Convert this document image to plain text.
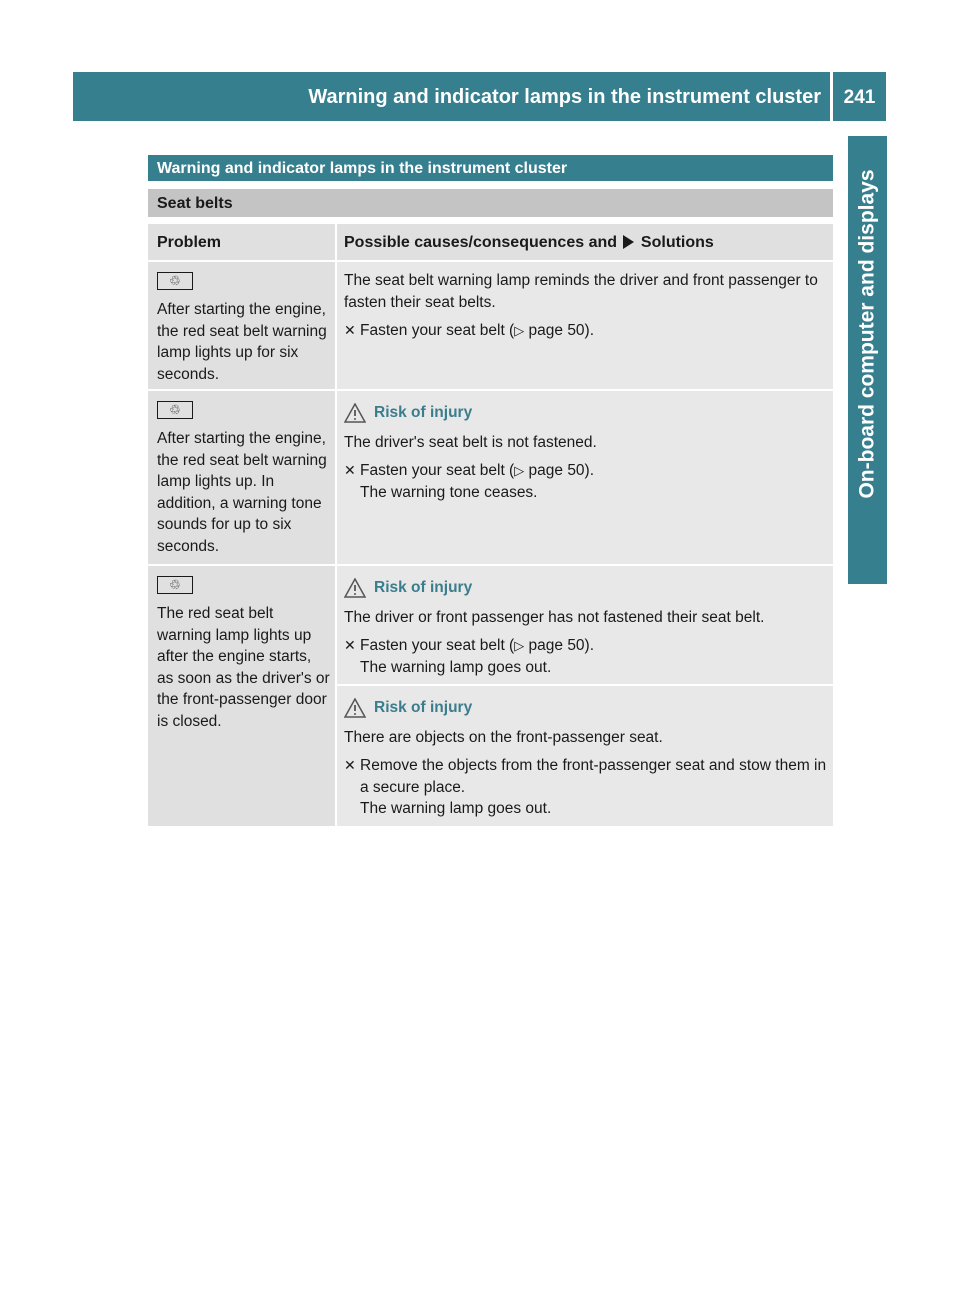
Warning and indicator lamps in the instrument cluster	241
On-board computer and displays
Warning and indicator lamps in the instrument cluster
Seat belts
Problem	Possible causes/consequences and Solutions
♲
After starting the engine, the red seat belt warning lamp lights up for six seconds.
The seat belt warning lamp reminds the driver and front passenger to fasten their seat belts.
✕ Fasten your seat belt (▷ page 50).
♲
After starting the engine, the red seat belt warning lamp lights up. In addition, a warning tone sounds for up to six seconds.
Risk of injury
The driver's seat belt is not fastened.
✕ Fasten your seat belt (▷ page 50).
The warning tone ceases.
♲
The red seat belt warning lamp lights up after the engine starts, as soon as the driver's or the front-passenger door is closed.
Risk of injury
The driver or front passenger has not fastened their seat belt.
✕ Fasten your seat belt (▷ page 50).
The warning lamp goes out.
Risk of injury
There are objects on the front-passenger seat.
✕ Remove the objects from the front-passenger seat and stow them in a secure place.
The warning lamp goes out.
